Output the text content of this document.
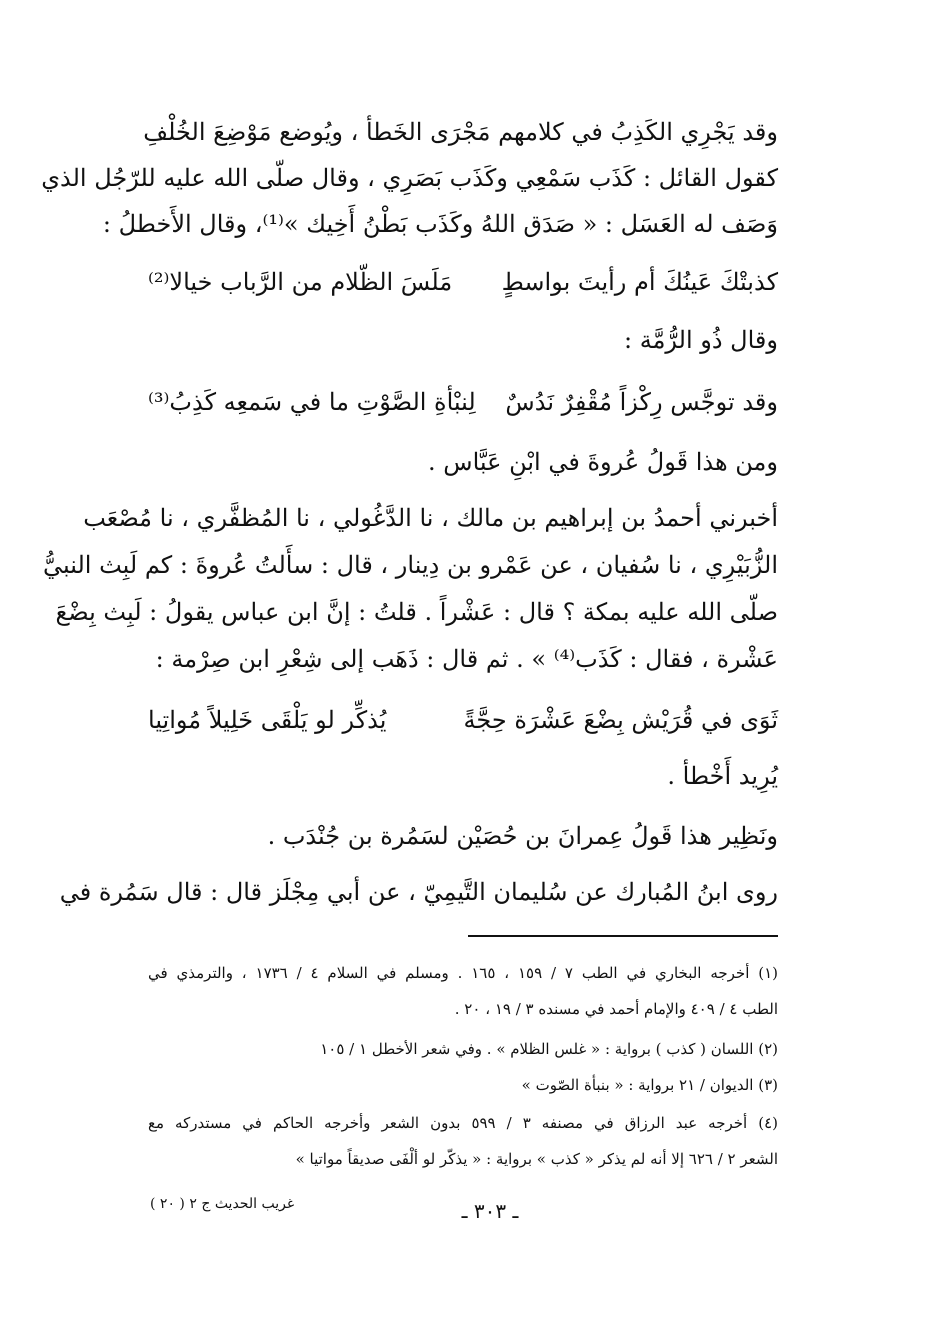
وقد يَجْرِي الكَذِبُ في كلامهم مَجْرَى الخَطأ ، ويُوضع مَوْضِعَ الخُلْفِ
كقول القائل : كَذَب سَمْعِي وكَذَب بَصَرِي ، وقال صلّى الله عليه للرّجُل الذي
وَصَف له العَسَل : « صَدَق اللهُ وكَذَب بَطْنُ أَخِيك »⁽¹⁾، وقال الأَخطلُ :
كذبتْكَ عَينُكَ أم رأيتَ بواسطٍ
مَلَسَ الظّلام من الرَّباب خيالا⁽²⁾
وقال ذُو الرُّمَّة :
وقد توجَّس رِكْزاً مُقْفِرٌ نَدُسٌ
لِنبْأةِ الصَّوْتِ ما في سَمعِه كَذِبُ⁽³⁾
ومن هذا قَولُ عُروةَ في ابْنِ عَبَّاس .
أخبرني أحمدُ بن إبراهيم بن مالك ، نا الدَّغُولي ، نا المُظفَّري ، نا مُصْعَب
الزُّبَيْرِي ، نا سُفيان ، عن عَمْرو بن دِينار ، قال : سأَلتُ عُروةَ : كم لَبِث النبيُّ
صلّى الله عليه بمكة ؟ قال : عَشْراً . قلتُ : إنَّ ابن عباس يقولُ : لَبِث بِضْعَ
عَشْرة ، فقال : كَذَب⁽⁴⁾ » . ثم قال : ذَهَب إلى شِعْرِ ابن صِرْمة :
ثَوَى في قُرَيْش بِضْعَ عَشْرَة حِجَّةً
يُذكِّر لو يَلْقَى خَلِيلاً مُواتِيا
يُرِيد أَخْطأ .
ونَظِير هذا قَولُ عِمرانَ بن حُصَيْن لسَمُرة بن جُنْدَب .
روى ابنُ المُبارك عن سُليمان التَّيمِيّ ، عن أبي مِجْلَز قال : قال سَمُرة في
(١) أخرجه البخاري في الطب ٧ / ١٥٩ ، ١٦٥ . ومسلم في السلام ٤ / ١٧٣٦ ، والترمذي في
الطب ٤ / ٤٠٩ والإمام أحمد في مسنده ٣ / ١٩ ، ٢٠ .
(٢) اللسان ( كذب ) برواية : « غلس الظلام » . وفي شعر الأخطل ١ / ١٠٥
(٣) الديوان / ٢١ برواية : « بنبأة الصّوت »
(٤) أخرجه عبد الرزاق في مصنفه ٣ / ٥٩٩ بدون الشعر وأخرجه الحاكم في مستدركه مع
الشعر ٢ / ٦٢٦ إلا أنه لم يذكر « كذب » برواية : « يذكّر لو ألْفَى صديقاً مواتيا »
غريب الحديث ج ٢ ( ٢٠ )	ـ ٣٠٣ ـ
